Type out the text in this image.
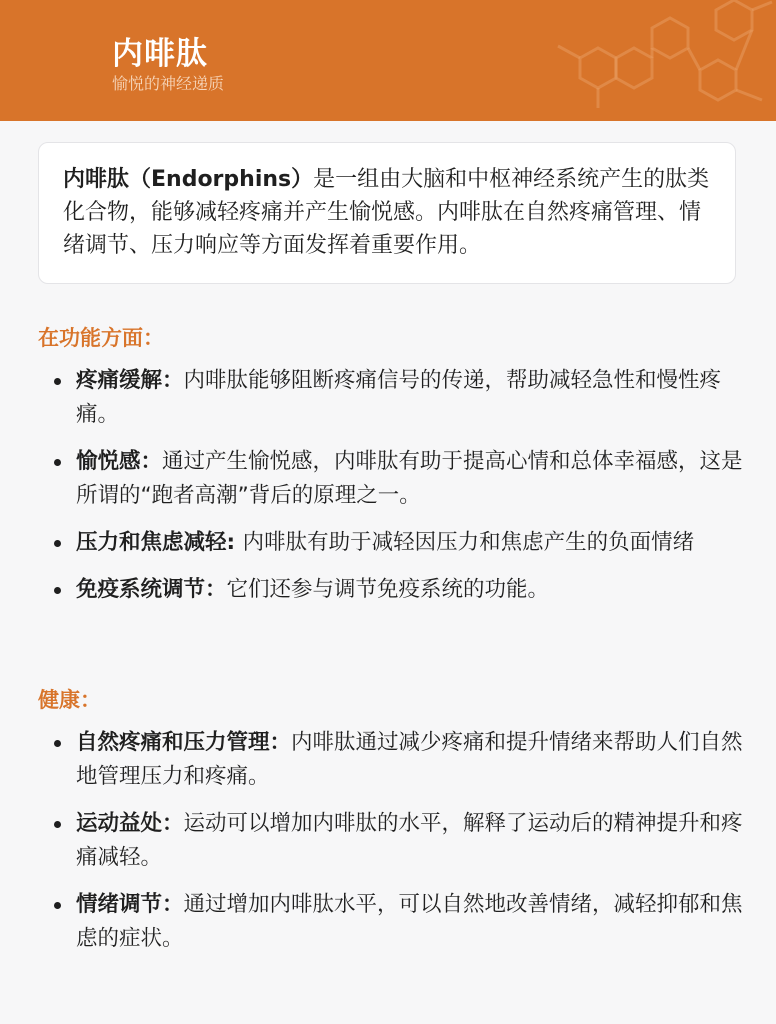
内啡肽
愉悦的神经递质

内啡肽（Endorphins）是一组由大脑和中枢神经系统产生的肽类化合物，能够减轻疼痛并产生愉悦感。内啡肽在自然疼痛管理、情绪调节、压力响应等方面发挥着重要作用。

在功能方面：
疼痛缓解：内啡肽能够阻断疼痛信号的传递，帮助减轻急性和慢性疼痛。
愉悦感：通过产生愉悦感，内啡肽有助于提高心情和总体幸福感，这是所谓的“跑者高潮”背后的原理之一。
压力和焦虑减轻: 内啡肽有助于减轻因压力和焦虑产生的负面情绪
免疫系统调节：它们还参与调节免疫系统的功能。
健康：
自然疼痛和压力管理：内啡肽通过减少疼痛和提升情绪来帮助人们自然地管理压力和疼痛。
运动益处：运动可以增加内啡肽的水平，解释了运动后的精神提升和疼痛减轻。
情绪调节：通过增加内啡肽水平，可以自然地改善情绪，减轻抑郁和焦虑的症状。
